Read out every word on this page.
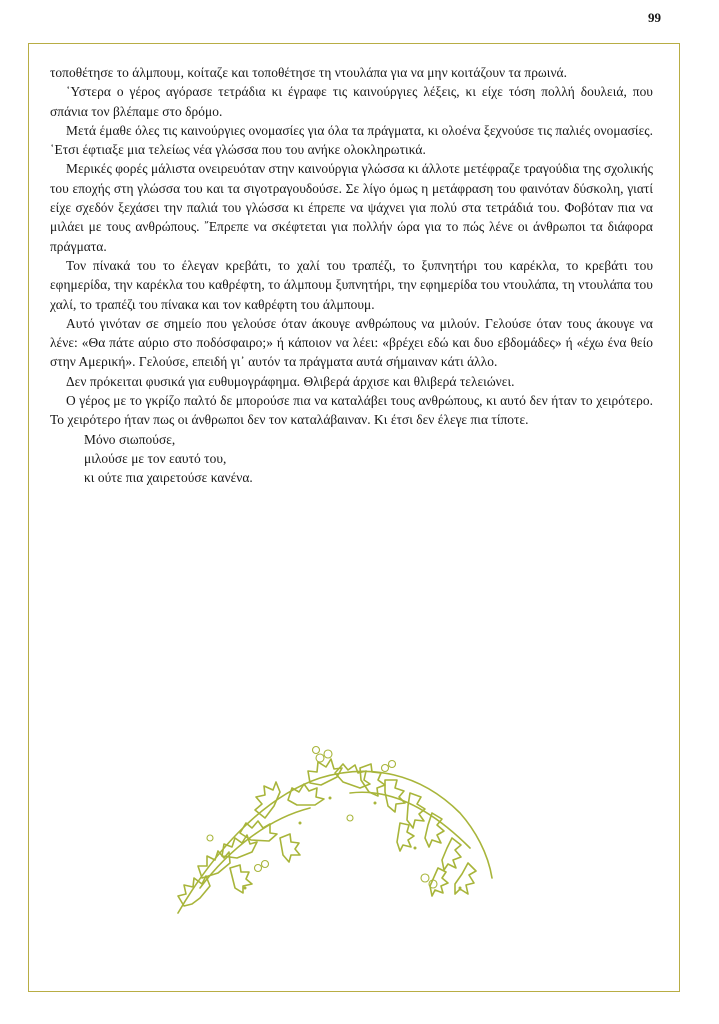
99

τοποθέτησε το άλμπουμ, κοίταζε και τοποθέτησε τη ντουλάπα για να μην κοιτάζουν τα πρωινά.

῾Υστερα ο γέρος αγόρασε τετράδια κι έγραφε τις καινούργιες λέξεις, κι είχε τόση πολλή δουλειά, που σπάνια τον βλέπαμε στο δρόμο.

Μετά έμαθε όλες τις καινούργιες ονομασίες για όλα τα πράγματα, κι ολοένα ξεχνούσε τις παλιές ονομασίες. ῾Ετσι έφτιαξε μια τελείως νέα γλώσσα που του ανήκε ολοκληρωτικά.

Μερικές φορές μάλιστα ονειρευόταν στην καινούργια γλώσσα κι άλλοτε μετέφραζε τραγούδια της σχολικής του εποχής στη γλώσσα του και τα σιγοτραγουδούσε. Σε λίγο όμως η μετάφραση του φαινόταν δύσκολη, γιατί είχε σχεδόν ξεχάσει την παλιά του γλώσσα κι έπρεπε να ψάχνει για πολύ στα τετράδιά του. Φοβόταν πια να μιλάει με τους ανθρώπους. ῎Επρεπε να σκέφτεται για πολλήν ώρα για το πώς λένε οι άνθρωποι τα διάφορα πράγματα.

Τον πίνακά του το έλεγαν κρεβάτι, το χαλί του τραπέζι, το ξυπνητήρι του καρέκλα, το κρεβάτι του εφημερίδα, την καρέκλα του καθρέφτη, το άλμπουμ ξυπνητήρι, την εφημερίδα του ντουλάπα, τη ντουλάπα του χαλί, το τραπέζι του πίνακα και τον καθρέφτη του άλμπουμ.

Αυτό γινόταν σε σημείο που γελούσε όταν άκουγε ανθρώπους να μιλούν. Γελούσε όταν τους άκουγε να λένε: «Θα πάτε αύριο στο ποδόσφαιρο;» ή κάποιον να λέει: «βρέχει εδώ και δυο εβδομάδες» ή «έχω ένα θείο στην Αμερική». Γελούσε, επειδή γι᾽ αυτόν τα πράγματα αυτά σήμαιναν κάτι άλλο.

Δεν πρόκειται φυσικά για ευθυμογράφημα. Θλιβερά άρχισε και θλιβερά τελειώνει.

Ο γέρος με το γκρίζο παλτό δε μπορούσε πια να καταλάβει τους ανθρώπους, κι αυτό δεν ήταν το χειρότερο. Το χειρότερο ήταν πως οι άνθρωποι δεν τον καταλάβαιναν. Κι έτσι δεν έλεγε πια τίποτε.

Μόνο σιωπούσε,

μιλούσε με τον εαυτό του,

κι ούτε πια χαιρετούσε κανένα.
